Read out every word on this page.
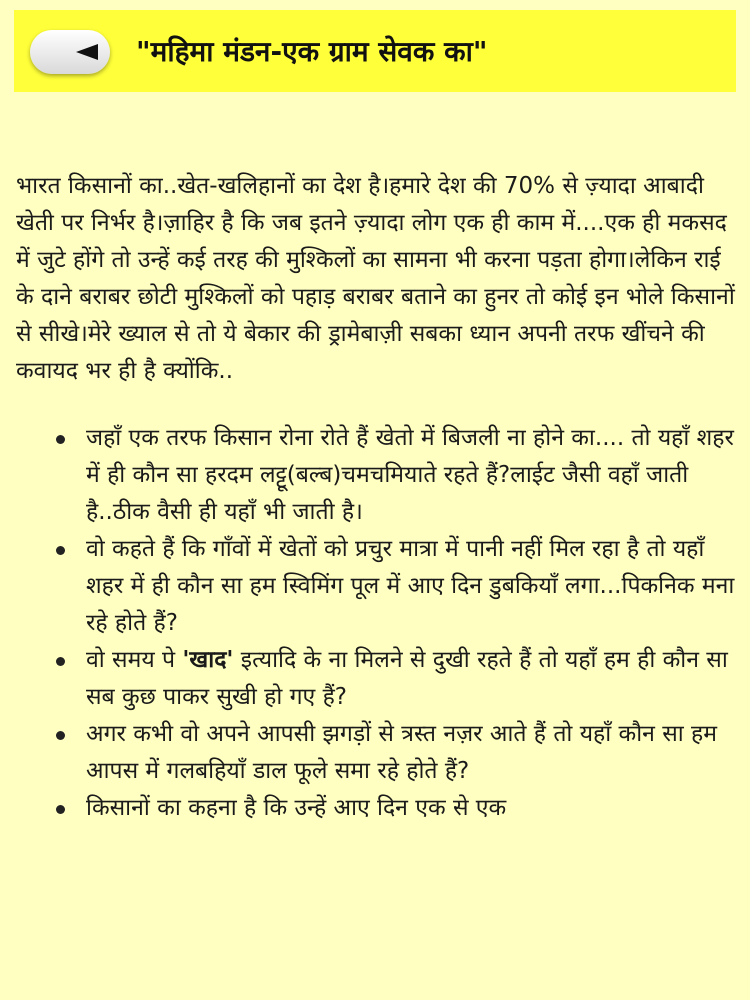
"महिमा मंडन-एक ग्राम सेवक का"

भारत किसानों का..खेत-खलिहानों का देश है।हमारे देश की 70% से ज़्यादा आबादी खेती पर निर्भर है।ज़ाहिर है कि जब इतने ज़्यादा लोग एक ही काम में....एक ही मकसद में जुटे होंगे तो उन्हें कई तरह की मुश्किलों का सामना भी करना पड़ता होगा।लेकिन राई के दाने बराबर छोटी मुश्किलों को पहाड़ बराबर बताने का हुनर तो कोई इन भोले किसानों से सीखे।मेरे ख्याल से तो ये बेकार की ड्रामेबाज़ी सबका ध्यान अपनी तरफ खींचने की कवायद भर ही है क्योंकि..

जहाँ एक तरफ किसान रोना रोते हैं खेतो में बिजली ना होने का.... तो यहाँ शहर में ही कौन सा हरदम लट्टू(बल्ब)चमचमियाते रहते हैं?लाईट जैसी वहाँ जाती है..ठीक वैसी ही यहाँ भी जाती है।
वो कहते हैं कि गाँवों में खेतों को प्रचुर मात्रा में पानी नहीं मिल रहा है तो यहाँ शहर में ही कौन सा हम स्विमिंग पूल में आए दिन डुबकियाँ लगा...पिकनिक मना रहे होते हैं?
वो समय पे 'खाद' इत्यादि के ना मिलने से दुखी रहते हैं तो यहाँ हम ही कौन सा सब कुछ पाकर सुखी हो गए हैं?
अगर कभी वो अपने आपसी झगड़ों से त्रस्त नज़र आते हैं तो यहाँ कौन सा हम आपस में गलबहियाँ डाल फूले समा रहे होते हैं?
किसानों का कहना है कि उन्हें आए दिन एक से एक
